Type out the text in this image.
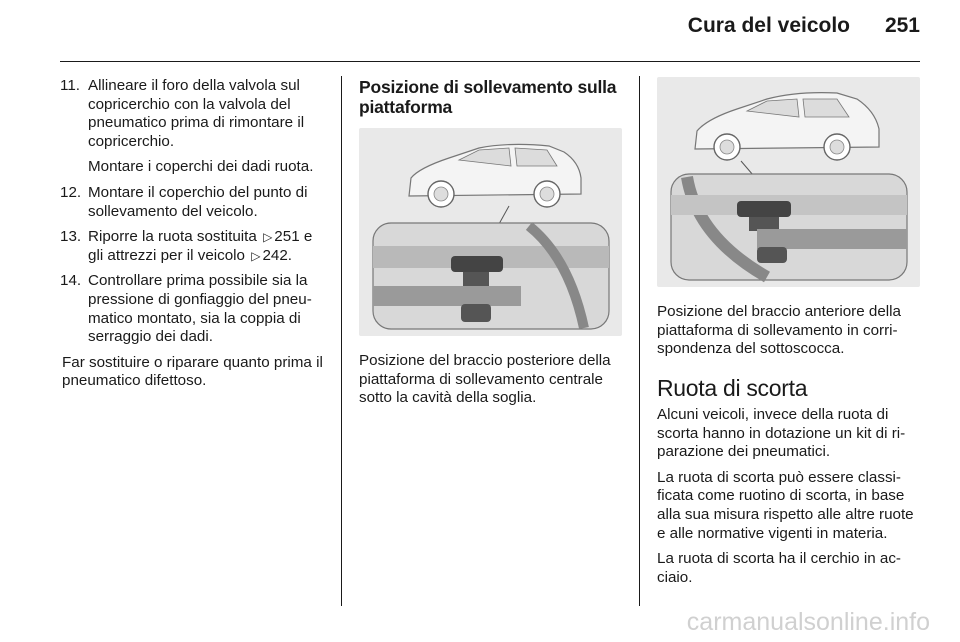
Cura del veicolo	251
11. Allineare il foro della valvola sul copricerchio con la valvola del pneumatico prima di rimontare il copricerchio.

Montare i coperchi dei dadi ruota.

12. Montare il coperchio del punto di sollevamento del veicolo.

13. Riporre la ruota sostituita ▷ 251 e gli attrezzi per il veicolo ▷ 242.

14. Controllare prima possibile sia la pressione di gonfiaggio del pneu-matico montato, sia la coppia di serraggio dei dadi.

Far sostituire o riparare quanto prima il pneumatico difettoso.

Posizione di sollevamento sulla piattaforma
Posizione del braccio posteriore della piattaforma di sollevamento centrale sotto la cavità della soglia.
Posizione del braccio anteriore della piattaforma di sollevamento in corri-spondenza del sottoscocca.
Ruota di scorta

Alcuni veicoli, invece della ruota di scorta hanno in dotazione un kit di ri-parazione dei pneumatici.

La ruota di scorta può essere classi-ficata come ruotino di scorta, in base alla sua misura rispetto alle altre ruote e alle normative vigenti in materia.

La ruota di scorta ha il cerchio in ac-ciaio.

carmanualsonline.info
